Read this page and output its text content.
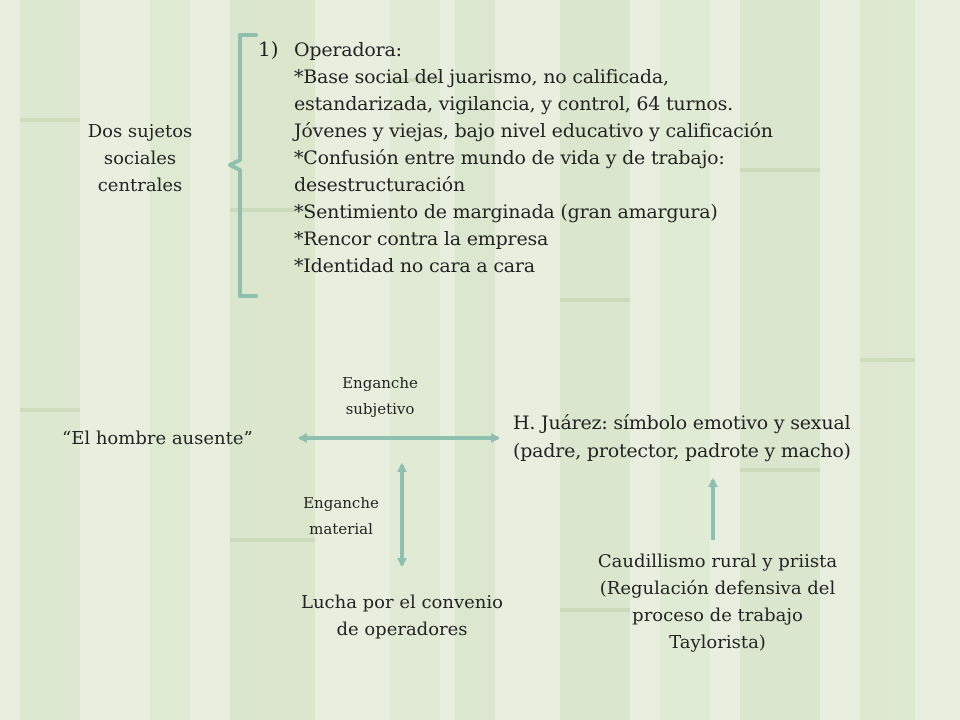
Dos sujetos
sociales
centrales
1) Operadora:
*Base social del juarismo, no calificada,
estandarizada, vigilancia, y control, 64 turnos.
Jóvenes y viejas, bajo nivel educativo y calificación
*Confusión entre mundo de vida y de trabajo:
desestructuración
*Sentimiento de marginada (gran amargura)
*Rencor contra la empresa
*Identidad no cara a cara
Enganche
subjetivo
“El hombre ausente”
H. Juárez: símbolo emotivo y sexual
(padre, protector, padrote y macho)
Enganche
material
Lucha por el convenio
de operadores
Caudillismo rural y priista
(Regulación defensiva del
proceso de trabajo
Taylorista)
